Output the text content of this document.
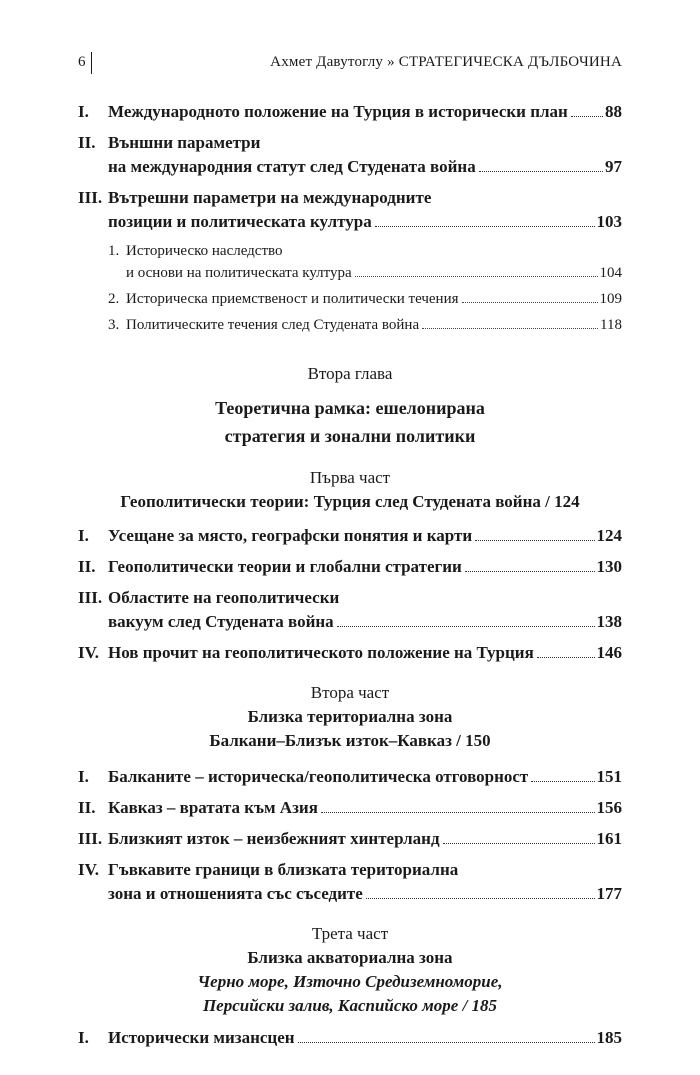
6	Ахмет Давутоглу » СТРАТЕГИЧЕСКА ДЪЛБОЧИНА
I. Международното положение на Турция в исторически план 88
II. Външни параметри
на международния статут след Студената война	97
III. Вътрешни параметри на международните
позиции и политическата култура	103
1. Историческо наследство
и основи на политическата култура	104
2. Историческа приемственост и политически течения	109
3. Политическите течения след Студената война	118
Втора глава
Теоретична рамка: ешелонирана
стратегия и зонални политики
Първа част
Геополитически теории: Турция след Студената война / 124
I. Усещане за място, географски понятия и карти	124
II. Геополитически теории и глобални стратегии	130
III. Областите на геополитически
вакуум след Студената война	138
IV. Нов прочит на геополитическото положение на Турция	146
Втора част
Близка териториална зона
Балкани–Близък изток–Кавказ / 150
I. Балканите – историческа/геополитическа отговорност	151
II. Кавказ – вратата към Азия	156
III. Близкият изток – неизбежният хинтерланд	161
IV. Гъвкавите граници в близката териториална
зона и отношенията със съседите	177
Трета част
Близка акваториална зона
Черно море, Източно Средиземноморие,
Персийски залив, Каспийско море / 185
I. Исторически мизансцен	185
